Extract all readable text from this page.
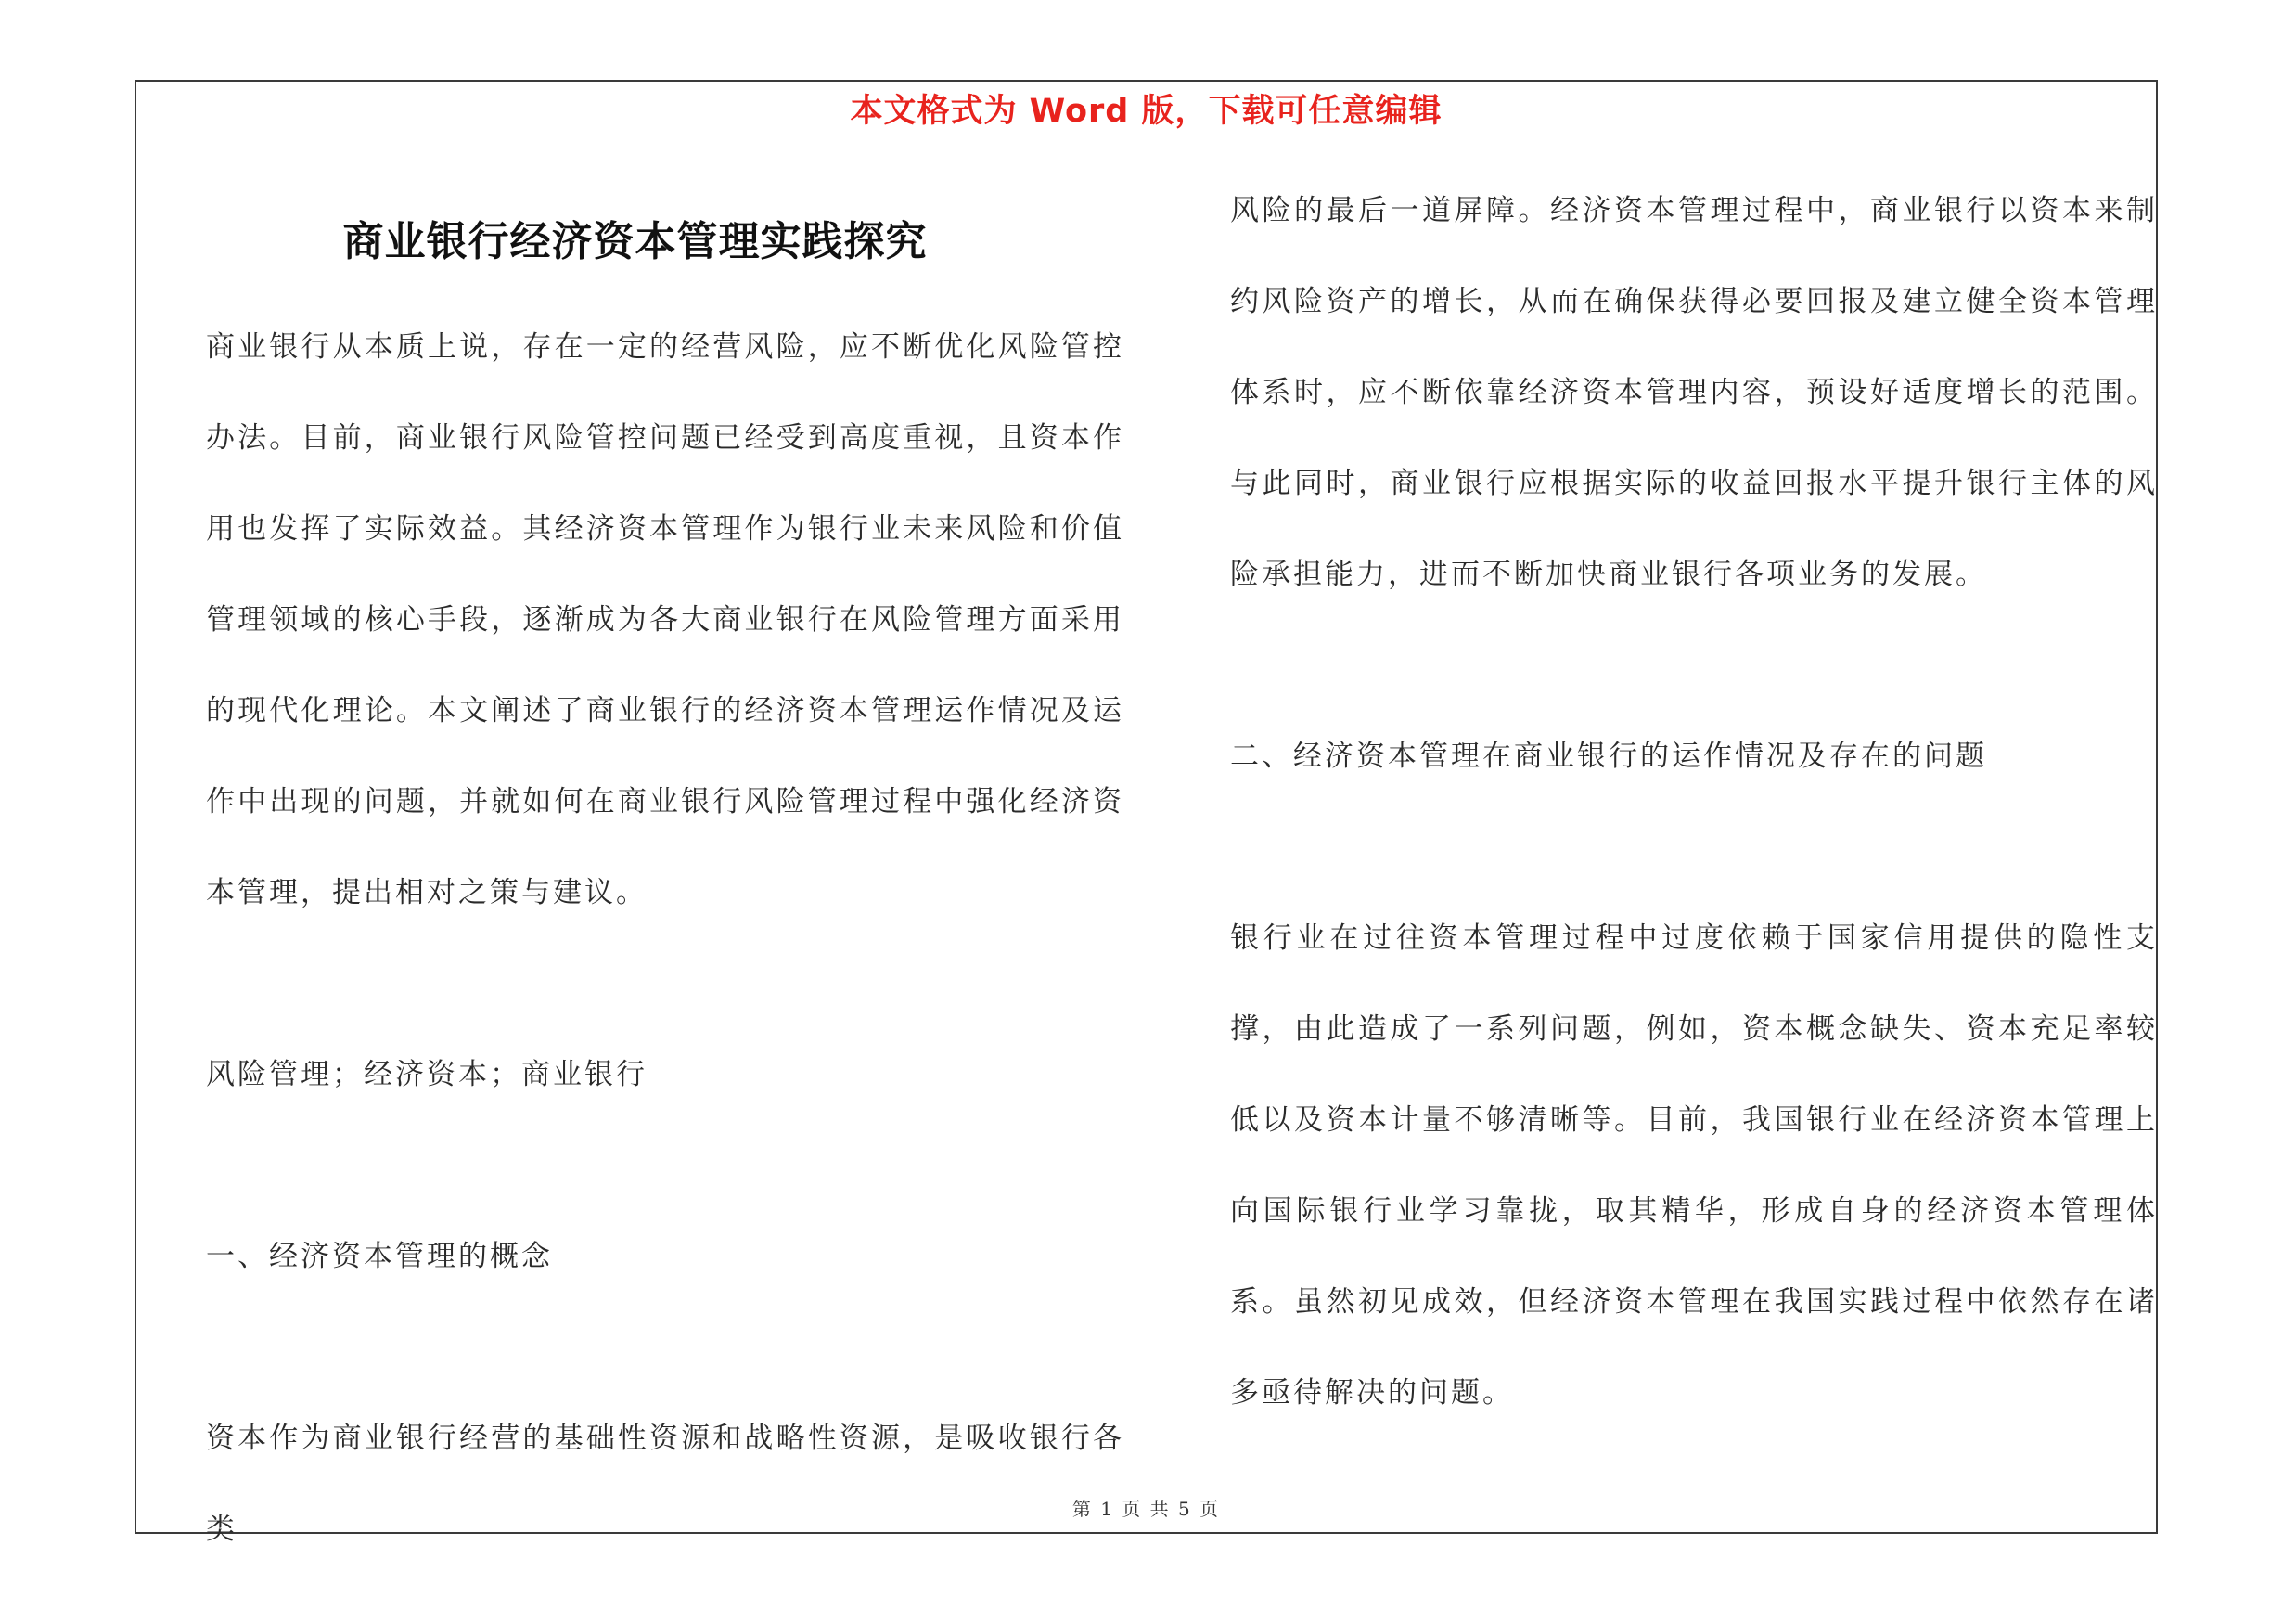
本文格式为 Word 版，下载可任意编辑
商业银行经济资本管理实践探究

商业银行从本质上说，存在一定的经营风险，应不断优化风险管控办法。目前，商业银行风险管控问题已经受到高度重视，且资本作用也发挥了实际效益。其经济资本管理作为银行业未来风险和价值管理领域的核心手段，逐渐成为各大商业银行在风险管理方面采用的现代化理论。本文阐述了商业银行的经济资本管理运作情况及运作中出现的问题，并就如何在商业银行风险管理过程中强化经济资本管理，提出相对之策与建议。

风险管理；经济资本；商业银行

一、经济资本管理的概念

资本作为商业银行经营的基础性资源和战略性资源，是吸收银行各类

风险的最后一道屏障。经济资本管理过程中，商业银行以资本来制约风险资产的增长，从而在确保获得必要回报及建立健全资本管理体系时，应不断依靠经济资本管理内容，预设好适度增长的范围。与此同时，商业银行应根据实际的收益回报水平提升银行主体的风险承担能力，进而不断加快商业银行各项业务的发展。

二、经济资本管理在商业银行的运作情况及存在的问题

银行业在过往资本管理过程中过度依赖于国家信用提供的隐性支撑，由此造成了一系列问题，例如，资本概念缺失、资本充足率较低以及资本计量不够清晰等。目前，我国银行业在经济资本管理上向国际银行业学习靠拢，取其精华，形成自身的经济资本管理体系。虽然初见成效，但经济资本管理在我国实践过程中依然存在诸多亟待解决的问题。

第 1 页 共 5 页
